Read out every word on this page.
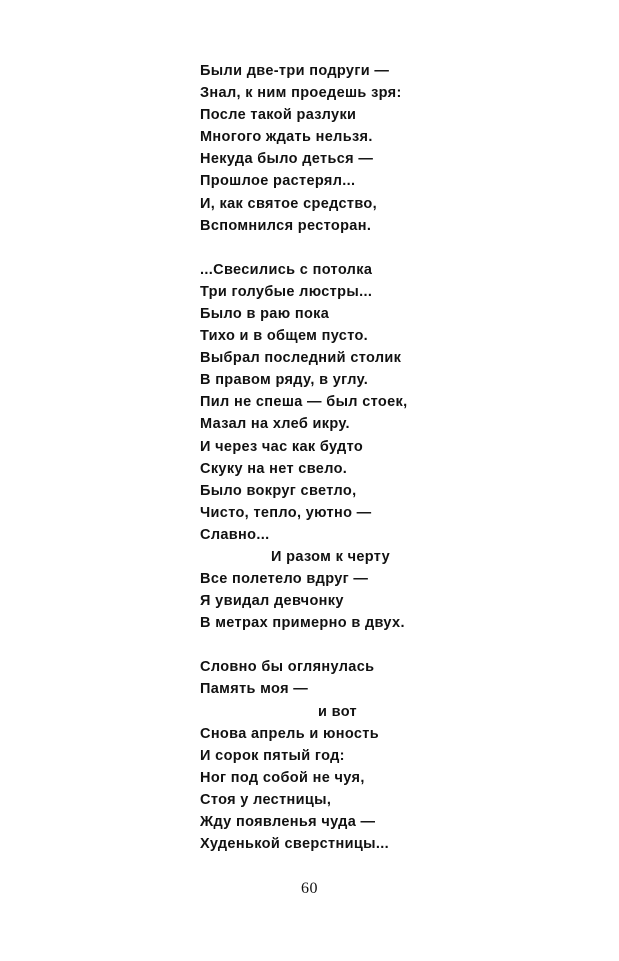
Были две-три подруги —
Знал, к ним проедешь зря:
После такой разлуки
Многого ждать нельзя.
Некуда было деться —
Прошлое растерял...
И, как святое средство,
Вспомнился ресторан.
...Свесились с потолка
Три голубые люстры...
Было в раю пока
Тихо и в общем пусто.
Выбрал последний столик
В правом ряду, в углу.
Пил не спеша — был стоек,
Мазал на хлеб икру.
И через час как будто
Скуку на нет свело.
Было вокруг светло,
Чисто, тепло, уютно —
Славно...
И разом к черту
Все полетело вдруг —
Я увидал девчонку
В метрах примерно в двух.
Словно бы оглянулась
Память моя —
и вот
Снова апрель и юность
И сорок пятый год:
Ног под собой не чуя,
Стоя у лестницы,
Жду появленья чуда —
Худенькой сверстницы...
60
